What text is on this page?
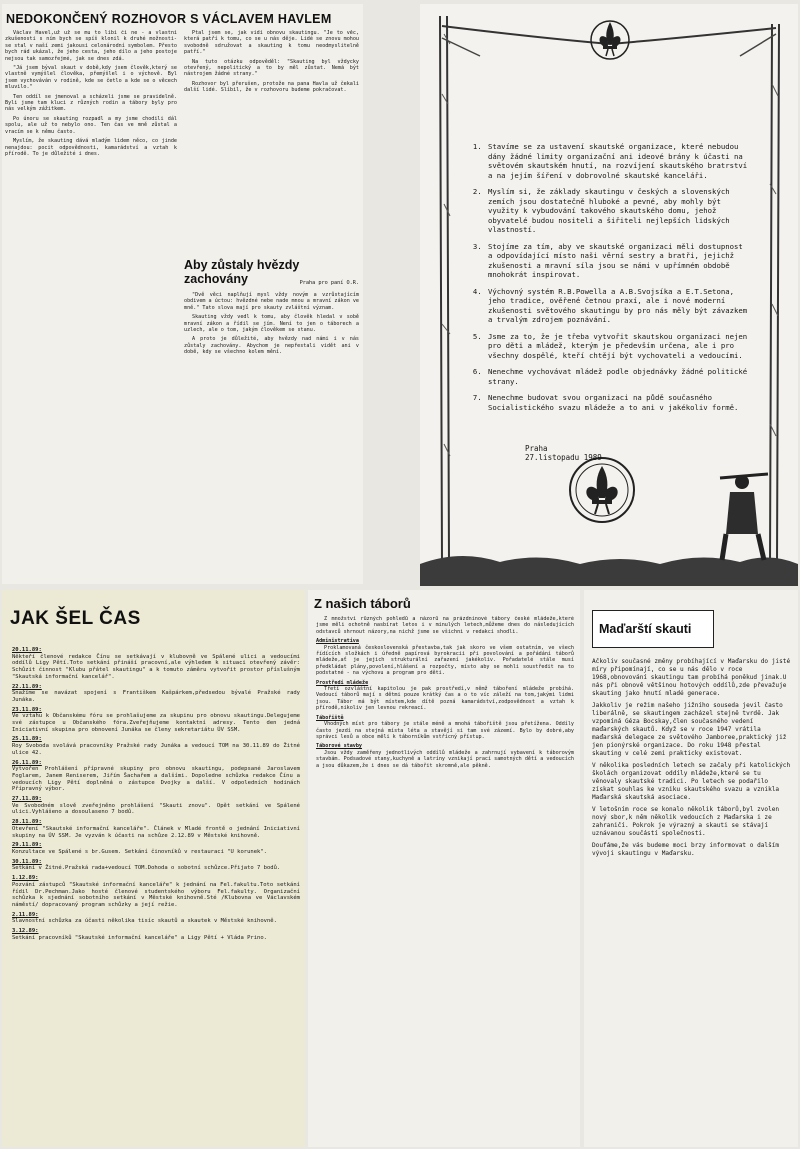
NEDOKONČENÝ ROZHOVOR S VÁCLAVEM HAVLEM

Václav Havel,už už se mu to líbí či ne - a vlastní zkušenosti s ním bych se spíš klonil k druhé možnosti- se stal v naší zemi jakousi celonárodní symbolem. Přesto bych rád ukázal, že jeho cesta, jeho dílo a jeho postoje nejsou tak samozřejmé, jak se dnes zdá.

"Já jsem býval skaut v době,kdy jsem člověk,který se vlastně vymýšlel člověka, přemýšlel i o výchově. Byl jsem vychováván v rodině, kde se četlo a kde se o věcech mluvilo."

Ten oddíl se jmenoval a scházeli jsme se pravidelně. Byli jsme tam kluci z různých rodin a tábory byly pro nás velkým zážitkem.

Po únoru se skauting rozpadl a my jsme chodili dál spolu, ale už to nebylo ono. Ten čas ve mně zůstal a vracím se k němu často.

Myslím, že skauting dává mladým lidem něco, co jinde nenajdou: pocit odpovědnosti, kamarádství a vztah k přírodě. To je důležité i dnes.

Ptal jsem se, jak vidí obnovu skautingu. "Je to věc, která patří k tomu, co se u nás děje. Lidé se znovu mohou svobodně sdružovat a skauting k tomu neodmyslitelně patří."

Na tuto otázku odpověděl: "Skauting byl vždycky otevřený, nepolitický a to by měl zůstat. Nemá být nástrojem žádné strany."

Rozhovor byl přerušen, protože na pana Havla už čekali další lidé. Slíbil, že v rozhovoru budeme pokračovat.

Aby zůstaly hvězdy zachovány	Praha pro paní O.R.

"Dvě věci naplňují mysl vždy novým a vzrůstajícím obdivem a úctou: hvězdné nebe nade mnou a mravní zákon ve mně." Tato slova mají pro skauty zvláštní význam.

Skauting vždy vedl k tomu, aby člověk hledal v sobě mravní zákon a řídil se jím. Není to jen o táborech a uzlech, ale o tom, jakým člověkem se stanu.

A proto je důležité, aby hvězdy nad námi i v nás zůstaly zachovány. Abychom je nepřestali vidět ani v době, kdy se všechno kolem mění.

1. Stavíme se za ustavení skautské organizace, které nebudou dány žádné limity organizační ani ideové brány k účasti na světovém skautském hnutí, na rozvíjení skautského bratrství a na jejím šíření v dobrovolné skautské kanceláři.
2. Myslím si, že základy skautingu v českých a slovenských zemích jsou dostatečně hluboké a pevné, aby mohly být využity k vybudování takového skautského domu, jehož obyvatelé budou nositeli a šiřiteli nejlepších lidských vlastností.
3. Stojíme za tím, aby ve skautské organizaci měli dostupnost a odpovídající místo naši věrní sestry a bratři, jejichž zkušenosti a mravní síla jsou se námi v upřímném obdobě mnohokrát inspirovat.
4. Výchovný systém R.B.Powella a A.B.Svojsíka a E.T.Setona, jeho tradice, ověřené četnou praxí, ale i nové moderní zkušenosti světového skautingu by pro nás měly být závazkem a trvalým zdrojem poznávání.
5. Jsme za to, že je třeba vytvořit skautskou organizaci nejen pro děti a mládež, kterým je především určena, ale i pro všechny dospělé, kteří chtějí být vychovateli a vedoucími.
6. Nenechme vychovávat mládež podle objednávky žádné politické strany.
7. Nenechme budovat svou organizaci na půdě současného Socialistického svazu mládeže a to ani v jakékoliv formě.
Praha
27.listopadu 1989
JAK ŠEL ČAS
20.11.89:
Někteří členové redakce Čínu se setkávají v klubovně ve Spálené ulici a vedoucími oddílů Ligy Pětí.Toto setkání přináší pracovní,ale výhledem k situaci otevřený závěr: Schůzit činnost "Klubu přátel skautingu" a k tomuto záměru vytvořit prostor příslušným "Skautská informační kancelář".
22.11.89:
Snažíme se navázat spojení s Františkem Kašpárkem,předsedou bývalé Pražské rady Junáka.
23.11.89:
Ve vztahu k Občanskému fóru se prohlašujeme za skupinu pro obnovu skautingu.Delegujeme své zástupce u Občanského fóra.Zveřejňujeme kontaktní adresy. Tento den jedná Iniciativní skupina pro obnovení Junáka se členy sekretariátu ÚV SSM.
25.11.89:
Roy Svoboda svolává pracovníky Pražské rady Junáka a vedoucí TOM na 30.11.89 do Žitné ulice 42.
26.11.89:
Vytvořen Prohlášení přípravné skupiny pro obnovu skautingu, podepsané Jaroslavem Foglarem, Janem Reniserem, Jiřím Šachařem a dalšími. Dopoledne schůzka redakce Čínu a vedoucích Ligy Pětí doplněná o zástupce Dvojky a další. V odpoledních hodinách Přípravný výbor.
27.11.89:
Ve Svobodném slově zveřejněno prohlášení "Skauti znovu". Opět setkání ve Spálené ulici.Vyhlášeno a dosoulaseno 7 bodů.
28.11.89:
Otevření "Skautské informační kanceláře". Článek v Mladé frontě o jednání Iniciativní skupiny na ÚV SSM. Je vyzván k účasti na schůze 2.12.89 v Městské knihovně.
29.11.89:
Konzultace ve Spálené s br.Gusem. Setkání činovníků v restauraci "U korunek".
30.11.89:
Setkání v Žitné.Pražská rada+vedoucí TOM.Dohoda o sobotní schůzce.Přijato 7 bodů.
1.12.89:
Pozvání zástupců "Skautské informační kanceláře" k jednání na Fel.fakultu.Toto setkání řídil Dr.Pechman.Jako hosté členové studentského výboru Fel.fakulty. Organizační schůzka k sjednání sobotního setkání v Městské knihovně.Sté /Klubovna ve Václavském náměstí/ dopracovaný program schůzky a její režie.
2.11.89:
Slavnostní schůzka za účasti několika tisíc skautů a skautek v Městské knihovně.
3.12.89:
Setkání pracovníků "Skautské informační kanceláře" a Ligy Pětí + Vláda Prino.
Z našich táborů

Z množství různých pohledů a názorů na prázdninové tábory české mládeže,které jsme měli ochotně nasbírat letos i v minulých letech,můžeme dnes do následujících odstavců shrnout názory,na nichž jsme se všichni v redakci shodli.

Administrativa

Proklamovaná československá přestavba,tak jak skoro ve všem ostatním, ve všech řídících složkách i úředně papírová byrokracii při povolování a pořádání táborů mládeže,ať je jejich strukturální zařazení jakékoliv. Pořadatelé stále musí předkládat plány,povolení,hlášení a rozpočty, místo aby se mohli soustředit na to podstatné - na výchovu a program pro děti.

Prostředí mládeže

Třetí ozvláštní kapitolou je pak prostředí,v němž táboření mládeže probíhá. Vedoucí táborů mají s dětmi pouze krátký čas a o to víc záleží na tom,jakými lidmi jsou. Tábor má být místem,kde dítě pozná kamarádství,zodpovědnost a vztah k přírodě,nikoliv jen levnou rekreací.

Tábořiště

Vhodných míst pro tábory je stále méně a mnohá tábořiště jsou přetížena. Oddíly často jezdí na stejná místa léta a stavějí si tam své zázemí. Bylo by dobré,aby správci lesů a obce měli k táborníkům vstřícný přístup.

Táborové stavby

Jsou vždy zaměřeny jednotlivých oddílů mládeže a zahrnují vybavení k táborovým stavbám. Podsadové stany,kuchyně a latríny vznikají prací samotných dětí a vedoucích a jsou důkazem,že i dnes se dá tábořit skromně,ale pěkně.

Maďarští skauti

Ačkoliv současné změny probíhající v Maďarsku do jisté míry připomínají, co se u nás dělo v roce 1968,obnovování skautingu tam probíhá poněkud jinak.U nás při obnově většinou hotových oddílů,zde převažuje skauting jako hnutí mladé generace.

Jakkoliv je režim našeho jižního souseda jevil často liberálně, se skautingem zacházel stejně tvrdě. Jak vzpomíná Géza Bocskay,člen současného vedení maďarských skautů. Když se v roce 1947 vrátila maďarská delegace ze světového Jamboree,praktický již jen pionýrské organizace. Do roku 1948 přestal skauting v celé zemi prakticky existovat.

V několika posledních letech se začaly při katolických školách organizovat oddíly mládeže,které se tu věnovaly skautské tradici. Po letech se podařilo získat souhlas ke vzniku skautského svazu a vznikla Maďarská skautská asociace.

V letošním roce se konalo několik táborů,byl zvolen nový sbor,k něm několik vedoucích z Maďarska i ze zahraničí. Pokrok je výrazný a skauti se stávají uznávanou součástí společnosti.

Doufáme,že vás budeme moci brzy informovat o dalším vývoji skautingu v Maďarsku.
